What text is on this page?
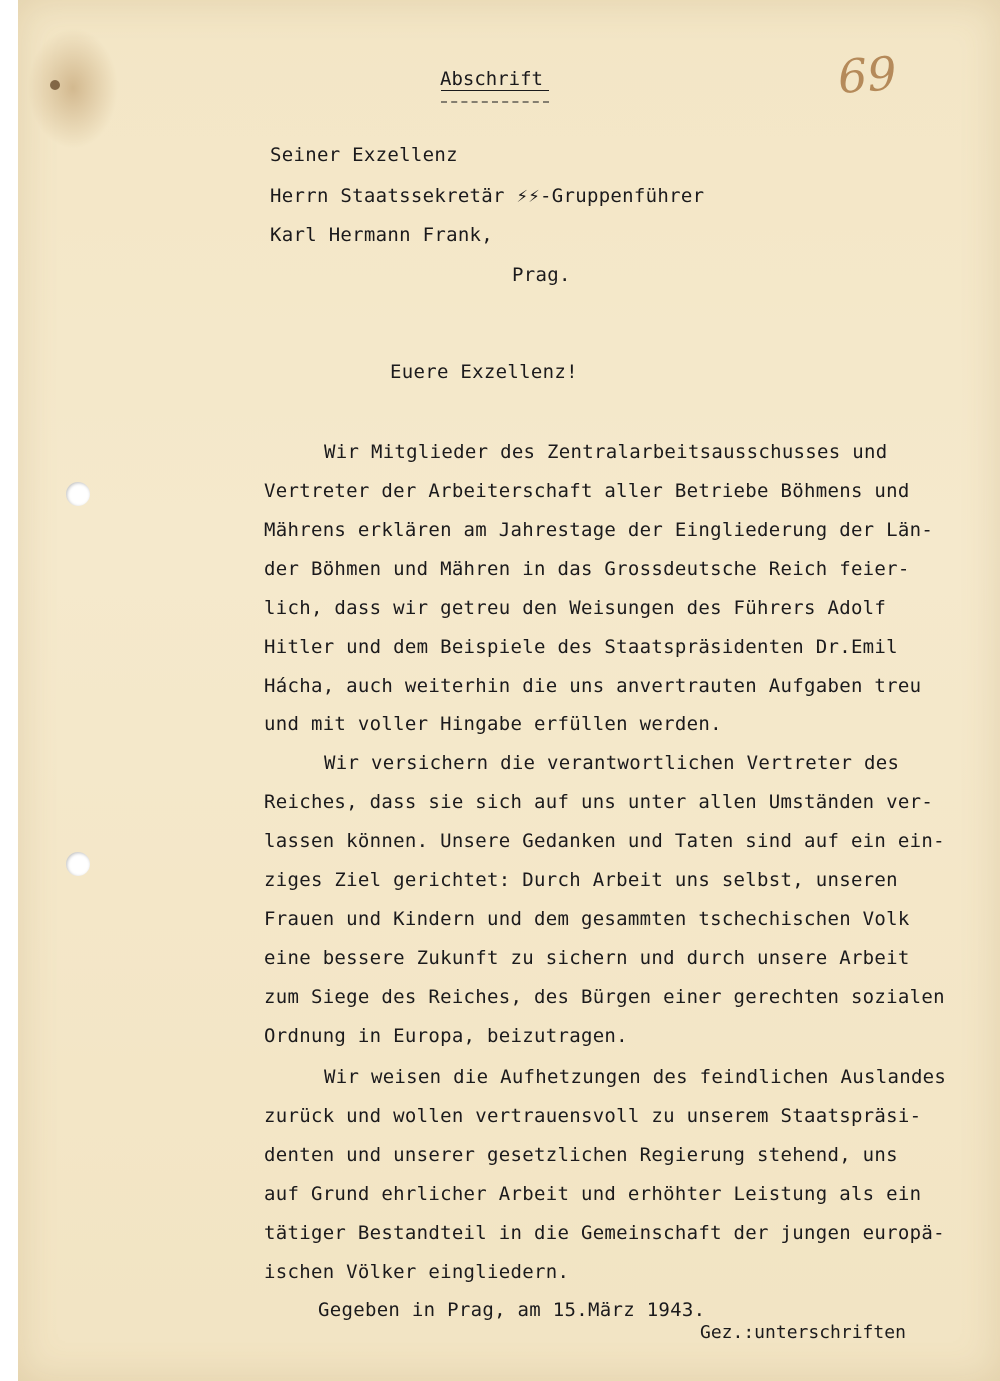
Abschrift	69
Seiner Exzellenz
Herrn Staatssekretär ⚡⚡-Gruppenführer
Karl Hermann Frank,
Prag.
Euere Exzellenz!
Wir Mitglieder des Zentralarbeitsausschusses und
Vertreter der Arbeiterschaft aller Betriebe Böhmens und
Mährens erklären am Jahrestage der Eingliederung der Län-
der Böhmen und Mähren in das Grossdeutsche Reich feier-
lich, dass wir getreu den Weisungen des Führers Adolf
Hitler und dem Beispiele des Staatspräsidenten Dr.Emil
Hácha, auch weiterhin die uns anvertrauten Aufgaben treu
und mit voller Hingabe erfüllen werden.
Wir versichern die verantwortlichen Vertreter des
Reiches, dass sie sich auf uns unter allen Umständen ver-
lassen können. Unsere Gedanken und Taten sind auf ein ein-
ziges Ziel gerichtet: Durch Arbeit uns selbst, unseren
Frauen und Kindern und dem gesammten tschechischen Volk
eine bessere Zukunft zu sichern und durch unsere Arbeit
zum Siege des Reiches, des Bürgen einer gerechten sozialen
Ordnung in Europa, beizutragen.
Wir weisen die Aufhetzungen des feindlichen Auslandes
zurück und wollen vertrauensvoll zu unserem Staatspräsi-
denten und unserer gesetzlichen Regierung stehend, uns
auf Grund ehrlicher Arbeit und erhöhter Leistung als ein
tätiger Bestandteil in die Gemeinschaft der jungen europä-
ischen Völker eingliedern.
Gegeben in Prag, am 15.März 1943.
Gez.:unterschriften
